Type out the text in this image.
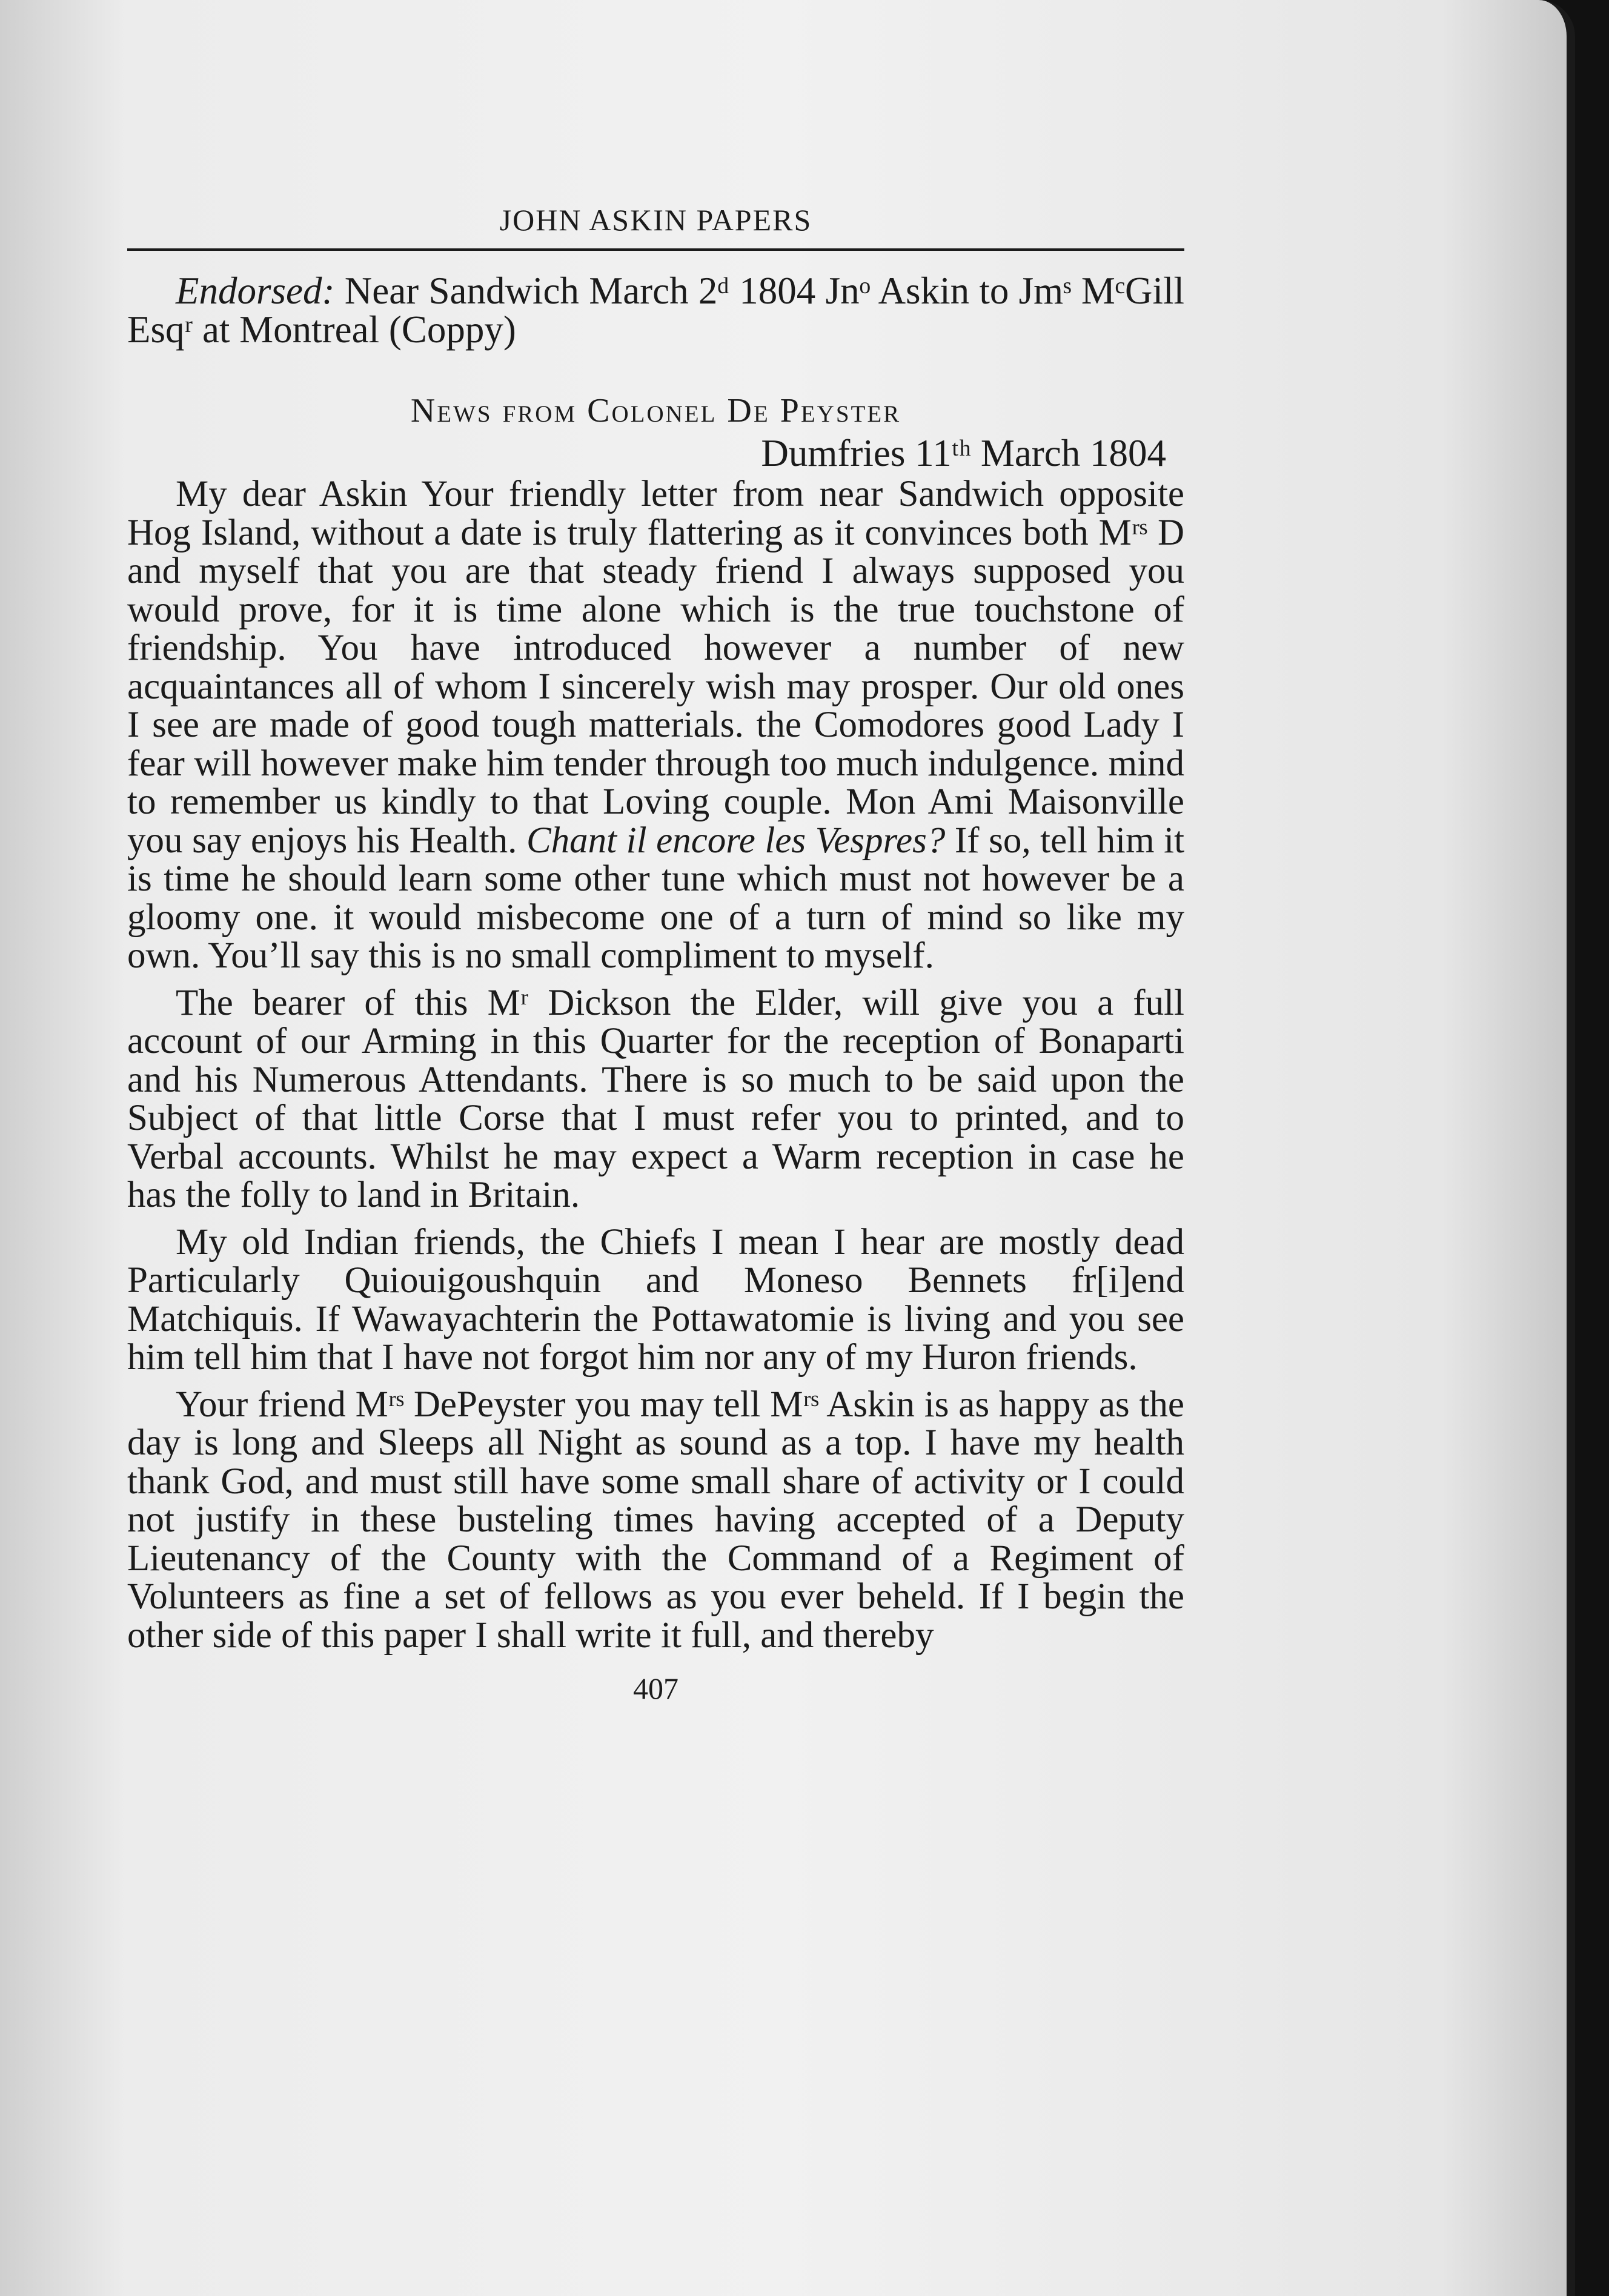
JOHN ASKIN PAPERS

Endorsed: Near Sandwich March 2ᵈ 1804 Jnᵒ Askin to Jmˢ MᶜGill Esqʳ at Montreal (Coppy)

News from Colonel De Peyster
Dumfries 11ᵗʰ March 1804

My dear Askin Your friendly letter from near Sandwich opposite Hog Island, without a date is truly flattering as it convinces both Mʳˢ D and myself that you are that steady friend I always supposed you would prove, for it is time alone which is the true touchstone of friendship. You have introduced however a number of new acquaintances all of whom I sincerely wish may prosper. Our old ones I see are made of good tough matterials. the Comodores good Lady I fear will however make him tender through too much indulgence. mind to remember us kindly to that Loving couple. Mon Ami Maisonville you say enjoys his Health. Chant il encore les Vespres? If so, tell him it is time he should learn some other tune which must not however be a gloomy one. it would misbecome one of a turn of mind so like my own. You’ll say this is no small compliment to myself.

The bearer of this Mʳ Dickson the Elder, will give you a full account of our Arming in this Quarter for the reception of Bonaparti and his Numerous Attendants. There is so much to be said upon the Subject of that little Corse that I must refer you to printed, and to Verbal accounts. Whilst he may expect a Warm reception in case he has the folly to land in Britain.

My old Indian friends, the Chiefs I mean I hear are mostly dead Particularly Quiouigoushquin and Moneso Bennets fr[i]end Matchiquis. If Wawayachterin the Pottawatomie is living and you see him tell him that I have not forgot him nor any of my Huron friends.

Your friend Mʳˢ DePeyster you may tell Mʳˢ Askin is as happy as the day is long and Sleeps all Night as sound as a top. I have my health thank God, and must still have some small share of activity or I could not justify in these busteling times having accepted of a Deputy Lieutenancy of the County with the Command of a Regiment of Volunteers as fine a set of fellows as you ever beheld. If I begin the other side of this paper I shall write it full, and thereby

407
